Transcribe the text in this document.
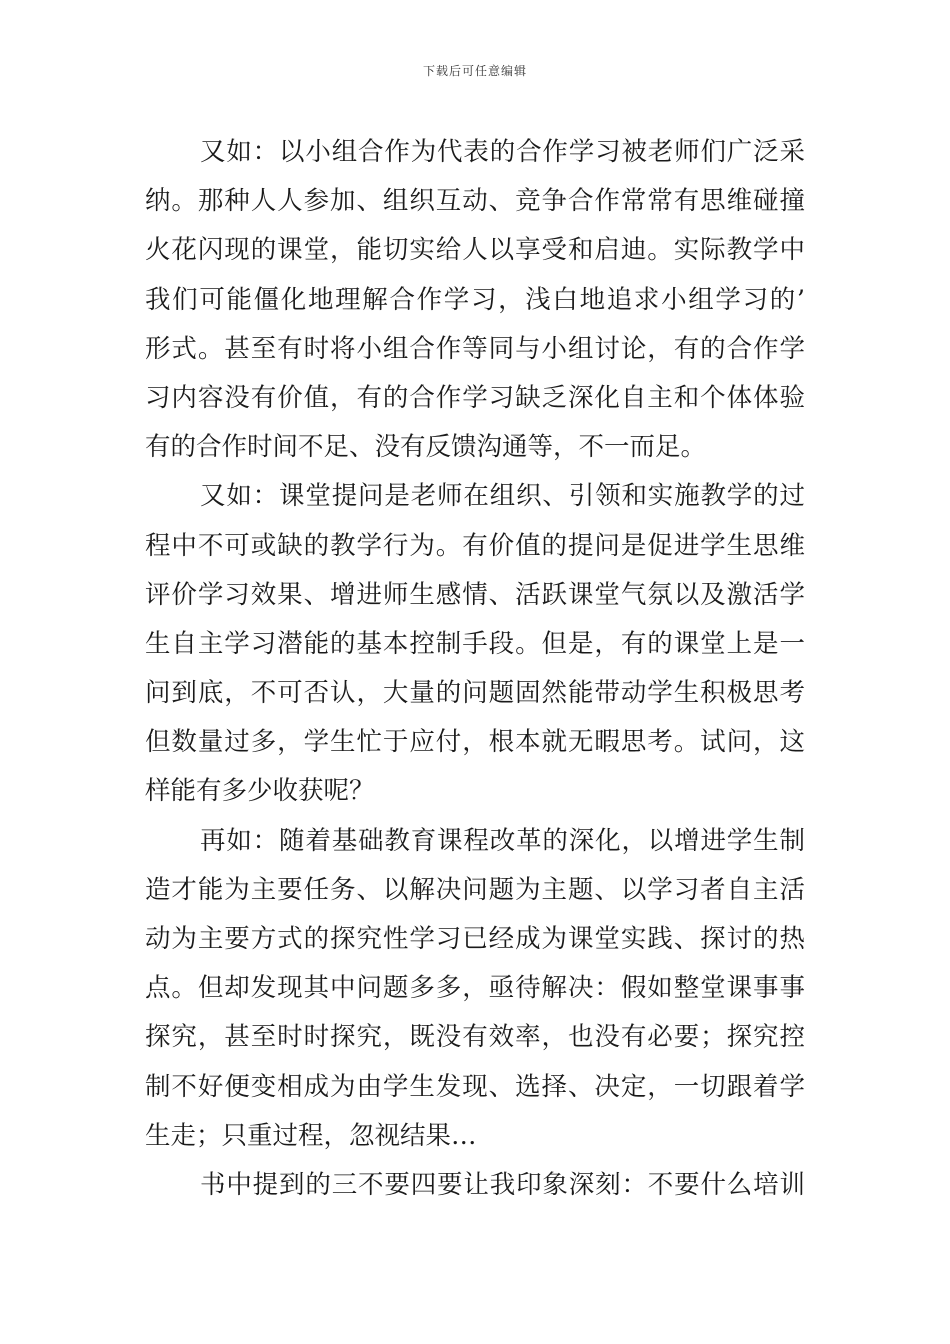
下载后可任意编辑
又如：以小组合作为代表的合作学习被老师们广泛采
纳。那种人人参加、组织互动、竞争合作常常有思维碰撞
火花闪现的课堂，能切实给人以享受和启迪。实际教学中
我们可能僵化地理解合作学习，浅白地追求小组学习的’
形式。甚至有时将小组合作等同与小组讨论，有的合作学
习内容没有价值，有的合作学习缺乏深化自主和个体体验
有的合作时间不足、没有反馈沟通等，不一而足。
又如：课堂提问是老师在组织、引领和实施教学的过
程中不可或缺的教学行为。有价值的提问是促进学生思维
评价学习效果、增进师生感情、活跃课堂气氛以及激活学
生自主学习潜能的基本控制手段。但是，有的课堂上是一
问到底，不可否认，大量的问题固然能带动学生积极思考
但数量过多，学生忙于应付，根本就无暇思考。试问，这
样能有多少收获呢？
再如：随着基础教育课程改革的深化，以增进学生制
造才能为主要任务、以解决问题为主题、以学习者自主活
动为主要方式的探究性学习已经成为课堂实践、探讨的热
点。但却发现其中问题多多，亟待解决：假如整堂课事事
探究，甚至时时探究，既没有效率，也没有必要；探究控
制不好便变相成为由学生发现、选择、决定，一切跟着学
生走；只重过程，忽视结果…
书中提到的三不要四要让我印象深刻：不要什么培训
